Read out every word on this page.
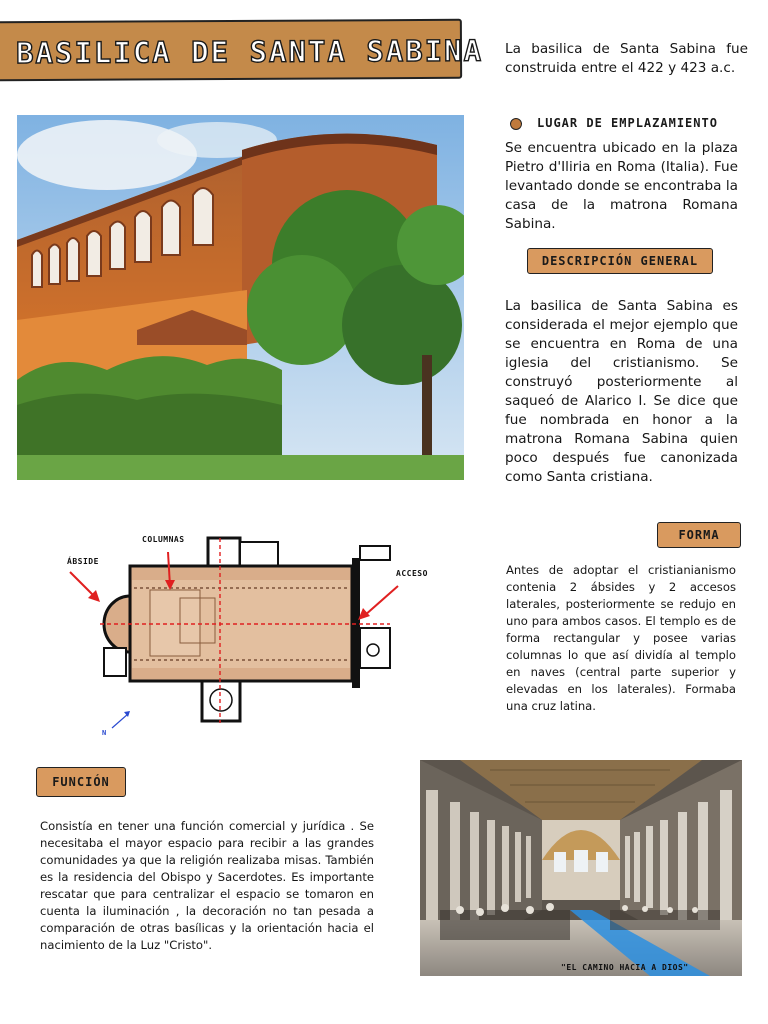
BASILICA DE SANTA SABINA La basilica de Santa Sabina fue construida entre el 422 y 423 a.c.
LUGAR DE EMPLAZAMIENTO
Se encuentra ubicado en la plaza Pietro d'Iliria en Roma (Italia). Fue levantado donde se encontraba la casa de la matrona Romana Sabina.
DESCRIPCIÓN GENERAL
La basilica de Santa Sabina es considerada el mejor ejemplo que se encuentra en Roma de una iglesia del cristianismo. Se construyó posteriormente al saqueó de Alarico I. Se dice que fue nombrada en honor a la matrona Romana Sabina quien poco después fue canonizada como Santa cristiana.
FORMA
Antes de adoptar el cristianianismo contenia 2 ábsides y 2 accesos laterales, posteriormente se redujo en uno para ambos casos. El templo es de forma rectangular y posee varias columnas lo que así dividía al templo en naves (central parte superior y elevadas en los laterales). Formaba una cruz latina.
FUNCIÓN
Consistía en tener una función comercial y jurídica . Se necesitaba el mayor espacio para recibir a las grandes comunidades ya que la religión realizaba misas. También es la residencia del Obispo y Sacerdotes. Es importante rescatar que para centralizar el espacio se tomaron en cuenta la iluminación , la decoración no tan pesada a comparación de otras basílicas y la orientación hacia el nacimiento de la Luz "Cristo".
COLUMNAS
ÁBSIDE
ACCESO
N
"EL CAMINO HACIA A DIOS"
